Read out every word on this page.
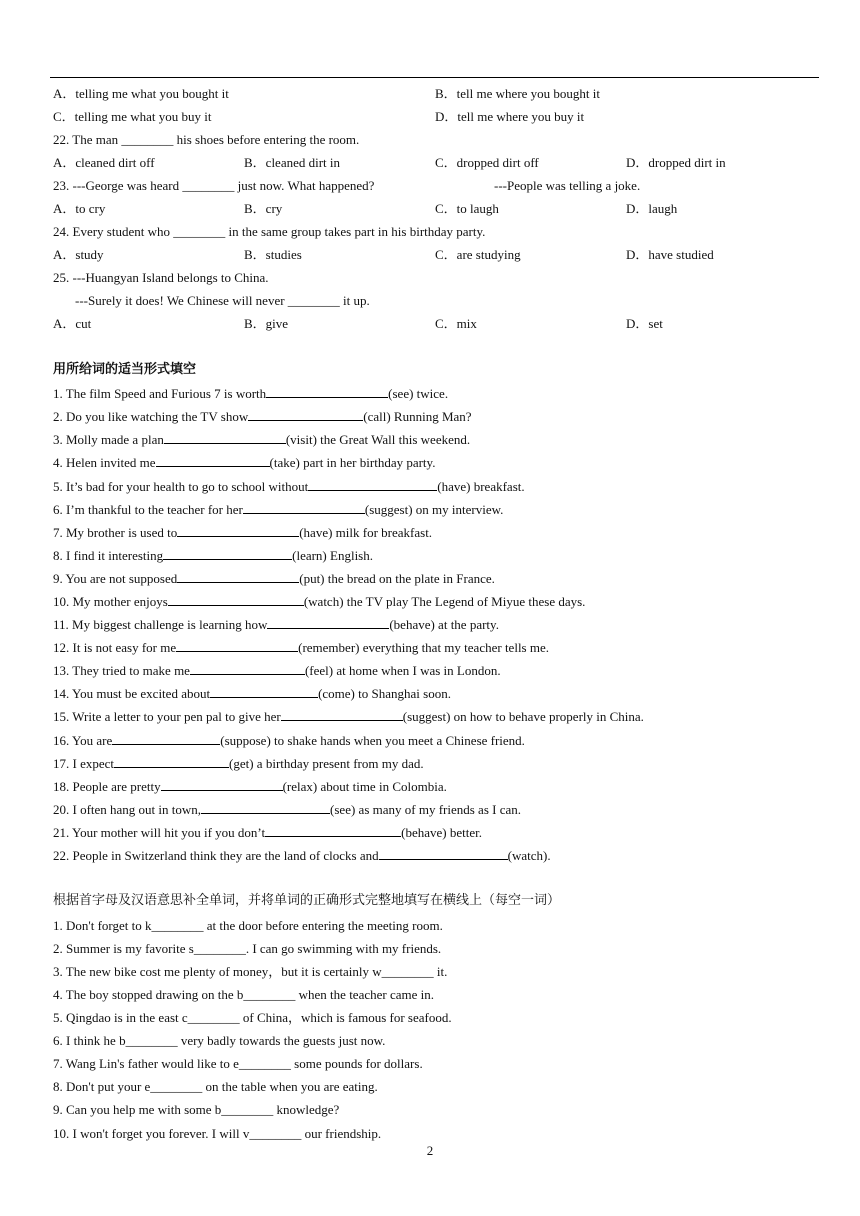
A．telling me what you bought it	B．tell me where you bought it
C．telling me what you buy it	D．tell me where you buy it
22. The man ________ his shoes before entering the room.
A．cleaned dirt off	B．cleaned dirt in	C．dropped dirt off	D．dropped dirt in
23. ---George was heard ________ just now. What happened?	---People was telling a joke.
A．to cry	B．cry	C．to laugh	D．laugh
24. Every student who ________ in the same group takes part in his birthday party.
A．study	B．studies	C．are studying	D．have studied
25. ---Huangyan Island belongs to China.
---Surely it does! We Chinese will never ________ it up.
A．cut	B．give	C．mix	D．set
用所给词的适当形式填空
1. The film Speed and Furious 7 is worth	(see) twice.
2. Do you like watching the TV show	(call) Running Man?
3. Molly made a plan	(visit) the Great Wall this weekend.
4. Helen invited me	(take) part in her birthday party.
5. It’s bad for your health to go to school without	(have) breakfast.
6. I’m thankful to the teacher for her	(suggest) on my interview.
7. My brother is used to	(have) milk for breakfast.
8. I find it interesting	(learn) English.
9. You are not supposed	(put) the bread on the plate in France.
10. My mother enjoys	(watch) the TV play The Legend of Miyue these days.
11. My biggest challenge is learning how	(behave) at the party.
12. It is not easy for me	(remember) everything that my teacher tells me.
13. They tried to make me	(feel) at home when I was in London.
14. You must be excited about	(come) to Shanghai soon.
15. Write a letter to your pen pal to give her	(suggest) on how to behave properly in China.
16. You are	(suppose) to shake hands when you meet a Chinese friend.
17. I expect	(get) a birthday present from my dad.
18. People are pretty	(relax) about time in Colombia.
20. I often hang out in town,	(see) as many of my friends as I can.
21. Your mother will hit you if you don’t	(behave) better.
22. People in Switzerland think they are the land of clocks and	(watch).
根据首字母及汉语意思补全单词，并将单词的正确形式完整地填写在横线上（每空一词）
1. Don't forget to k________ at the door before entering the meeting room.
2. Summer is my favorite s________. I can go swimming with my friends.
3. The new bike cost me plenty of money，but it is certainly w________ it.
4. The boy stopped drawing on the b________ when the teacher came in.
5. Qingdao is in the east c________ of China，which is famous for seafood.
6. I think he b________ very badly towards the guests just now.
7. Wang Lin's father would like to e________ some pounds for dollars.
8. Don't put your e________ on the table when you are eating.
9. Can you help me with some b________ knowledge?
10. I won't forget you forever. I will v________ our friendship.
2
